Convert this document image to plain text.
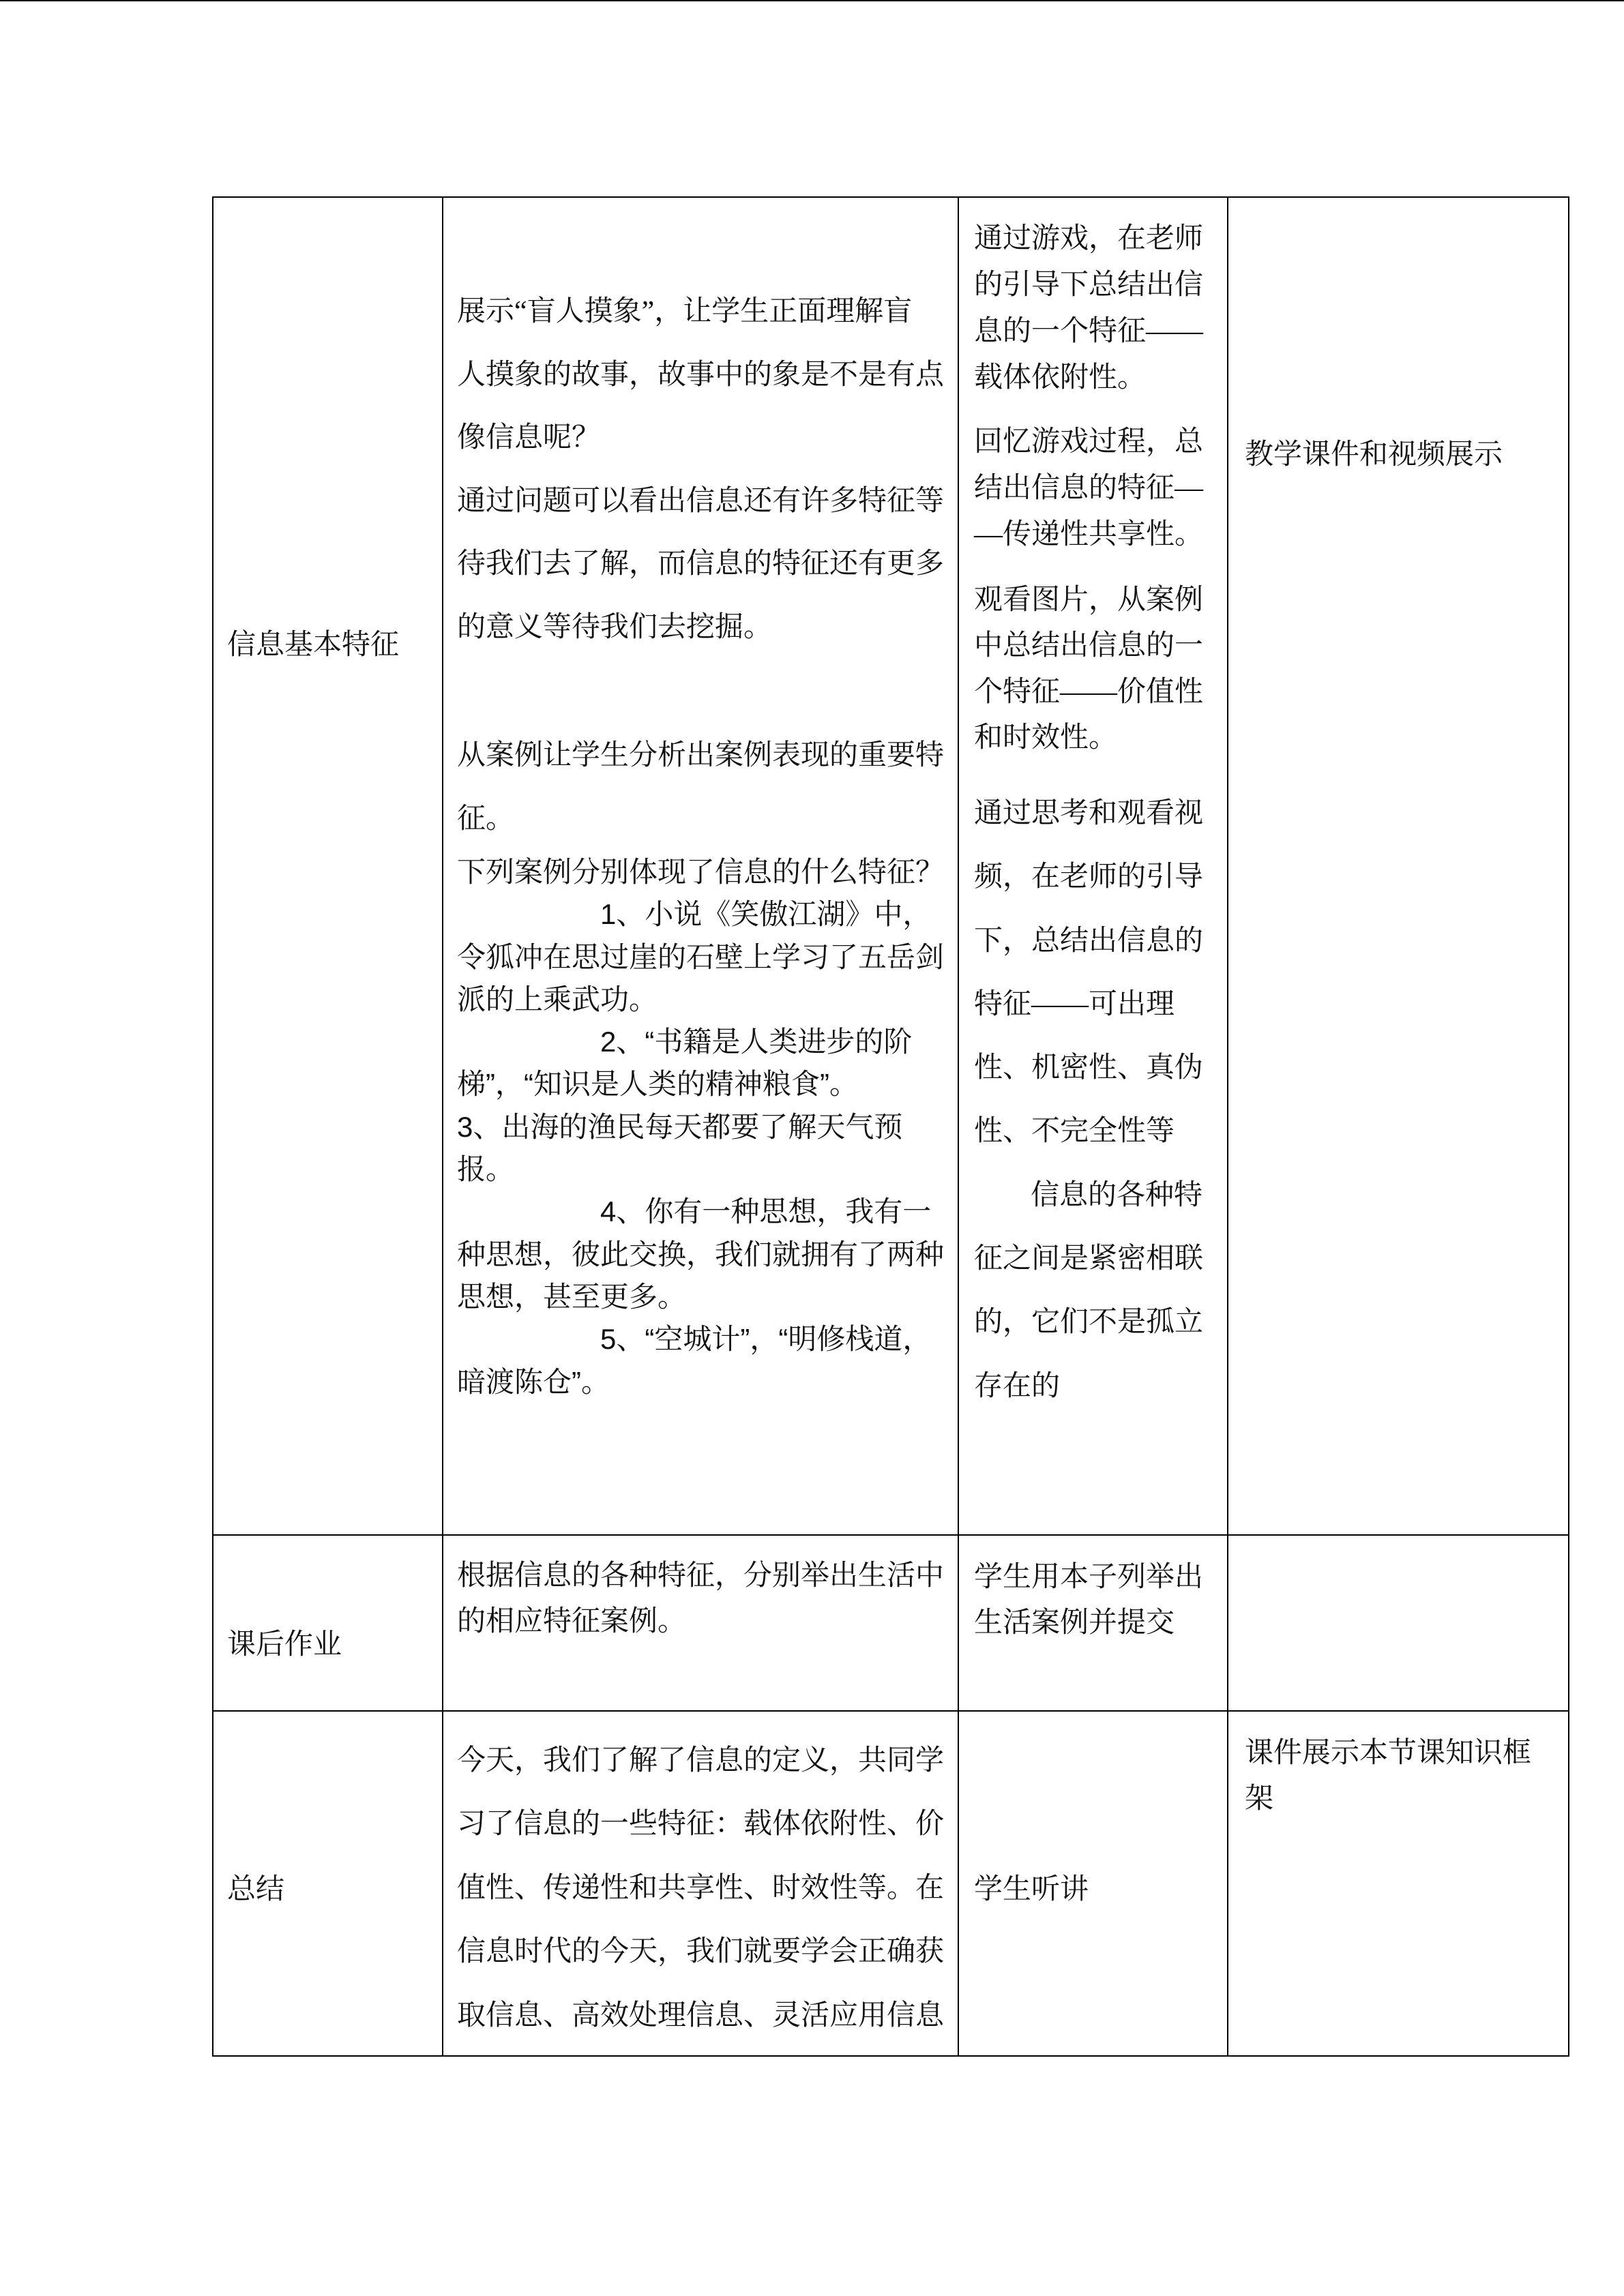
信息基本特征
展示“盲人摸象”，让学生正面理解盲
人摸象的故事，故事中的象是不是有点
像信息呢？
通过问题可以看出信息还有许多特征等
待我们去了解，而信息的特征还有更多
的意义等待我们去挖掘。
从案例让学生分析出案例表现的重要特
征。
下列案例分别体现了信息的什么特征？
1、小说《笑傲江湖》中，
令狐冲在思过崖的石壁上学习了五岳剑
派的上乘武功。
2、“书籍是人类进步的阶
梯”，“知识是人类的精神粮食”。
3、出海的渔民每天都要了解天气预
报。
4、你有一种思想，我有一
种思想，彼此交换，我们就拥有了两种
思想，甚至更多。
5、“空城计”，“明修栈道，
暗渡陈仓”。
通过游戏，在老师
的引导下总结出信
息的一个特征——
载体依附性。
回忆游戏过程，总
结出信息的特征—
—传递性共享性。
观看图片，从案例
中总结出信息的一
个特征——价值性
和时效性。
通过思考和观看视
频，在老师的引导
下，总结出信息的
特征——可出理
性、机密性、真伪
性、不完全性等
信息的各种特
征之间是紧密相联
的，它们不是孤立
存在的
教学课件和视频展示
课后作业
根据信息的各种特征，分别举出生活中
的相应特征案例。
学生用本子列举出
生活案例并提交
总结
今天，我们了解了信息的定义，共同学
习了信息的一些特征：载体依附性、价
值性、传递性和共享性、时效性等。在
信息时代的今天，我们就要学会正确获
取信息、高效处理信息、灵活应用信息
学生听讲
课件展示本节课知识框
架
